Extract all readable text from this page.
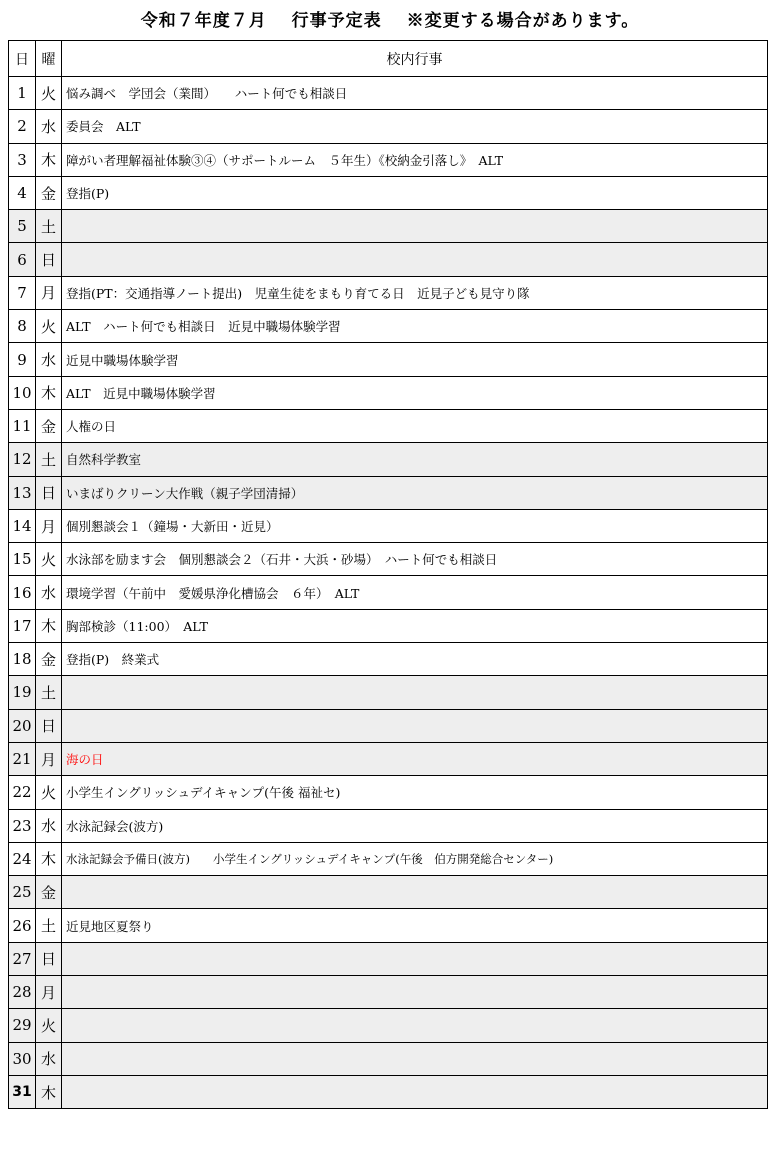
令和７年度７月　 行事予定表　 ※変更する場合があります。
日	曜	校内行事
1	火	悩み調べ　学団会（業間）　　ハート何でも相談日
2	水	委員会　ALT
3	木	障がい者理解福祉体験③④（サポートルーム　５年生）《校納金引落し》　ALT
4	金	登指(P)
5	土	
6	日	
7	月	登指(PT：交通指導ノート提出)　児童生徒をまもり育てる日　近見子ども見守り隊
8	火	ALT　ハート何でも相談日　近見中職場体験学習
9	水	近見中職場体験学習
10	木	ALT　近見中職場体験学習
11	金	人権の日
12	土	自然科学教室
13	日	いまばりクリーン大作戦（親子学団清掃）
14	月	個別懇談会１（鐘場・大新田・近見）
15	火	水泳部を励ます会　個別懇談会２（石井・大浜・砂場）　ハート何でも相談日
16	水	環境学習（午前中　愛媛県浄化槽協会　６年）　ALT
17	木	胸部検診（11:00）　ALT
18	金	登指(P)　終業式
19	土	
20	日	
21	月	海の日
22	火	小学生イングリッシュデイキャンプ(午後 福祉セ)
23	水	水泳記録会(波方)
24	木	水泳記録会予備日(波方)　　小学生イングリッシュデイキャンプ(午後　伯方開発総合センター)
25	金	
26	土	近見地区夏祭り
27	日	
28	月	
29	火	
30	水	
31	木	
